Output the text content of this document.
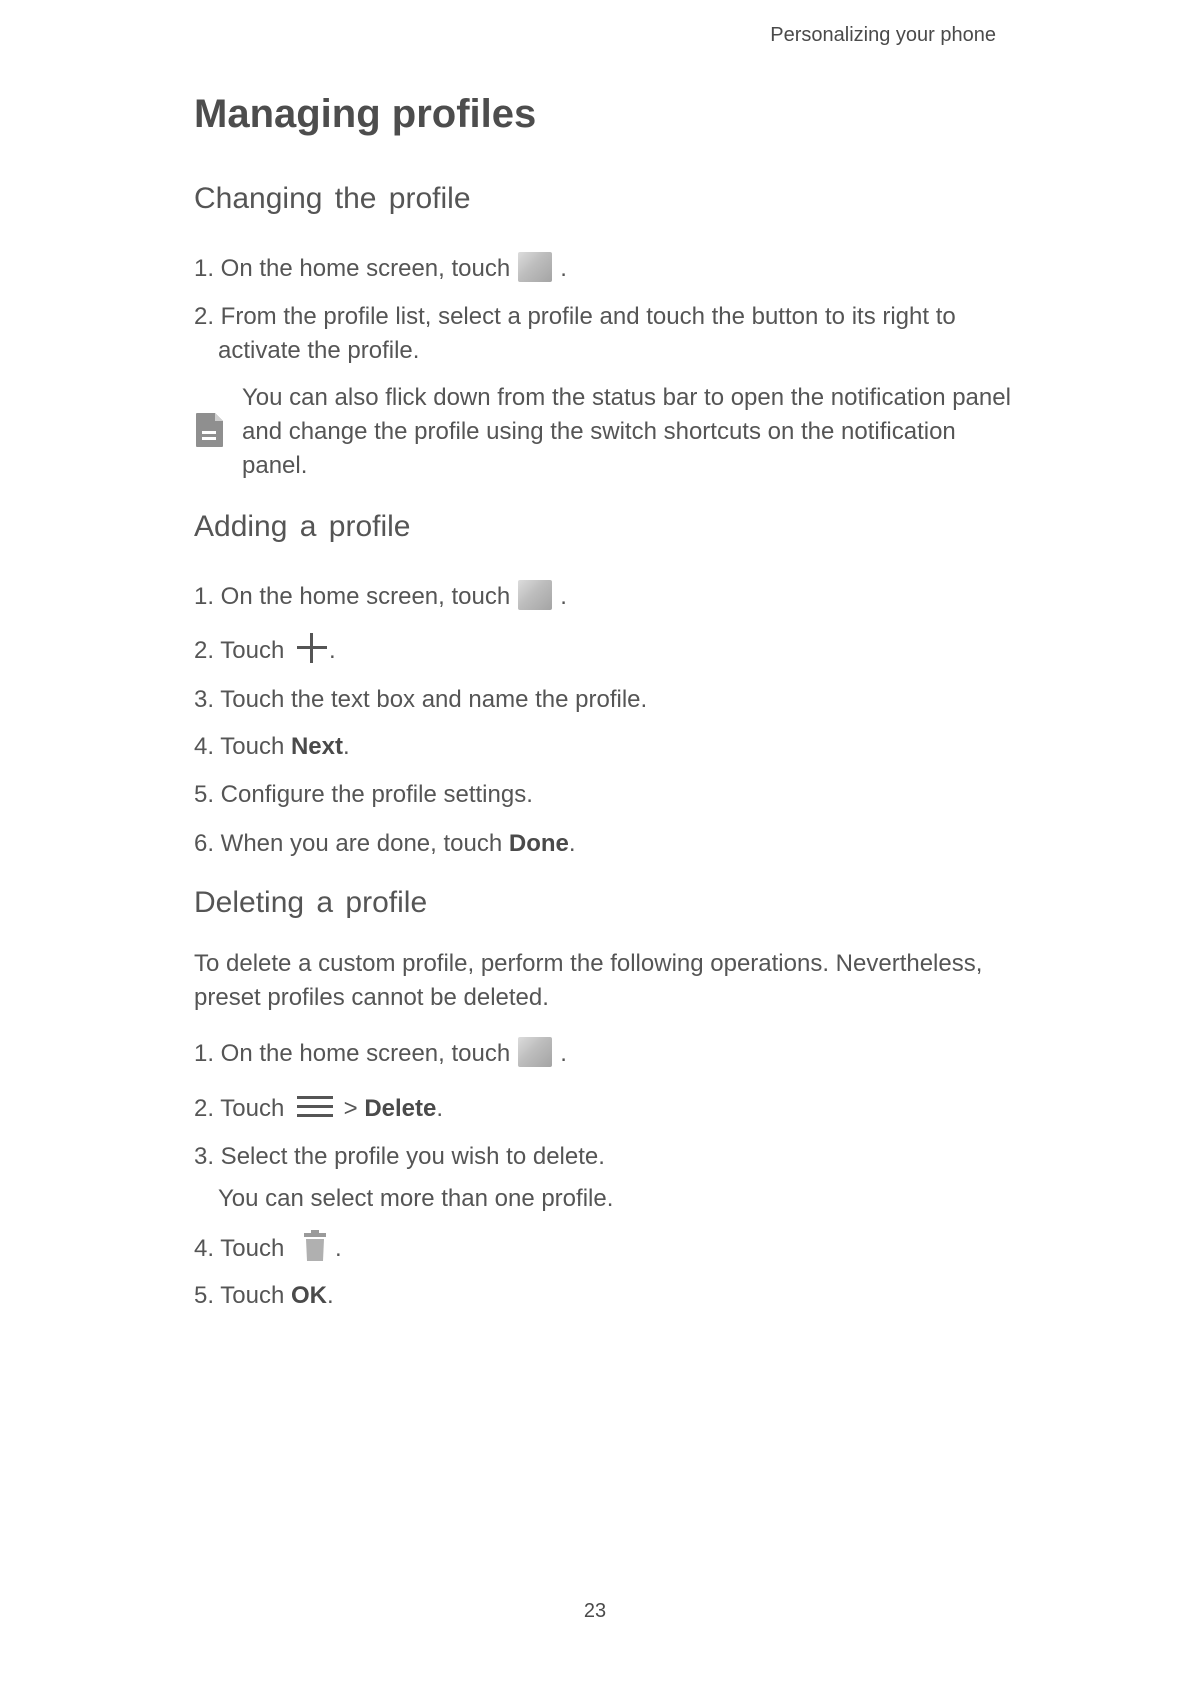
Personalizing your phone
Managing profiles
Changing the profile
1. On the home screen, touch .
2. From the profile list, select a profile and touch the button to its right to
activate the profile.
You can also flick down from the status bar to open the notification panel
and change the profile using the switch shortcuts on the notification
panel.
Adding a profile
1. On the home screen, touch .
2. Touch .
3. Touch the text box and name the profile.
4. Touch Next.
5. Configure the profile settings.
6. When you are done, touch Done.
Deleting a profile
To delete a custom profile, perform the following operations. Nevertheless,
preset profiles cannot be deleted.
1. On the home screen, touch .
2. Touch > Delete.
3. Select the profile you wish to delete.
You can select more than one profile.
4. Touch .
5. Touch OK.
23
